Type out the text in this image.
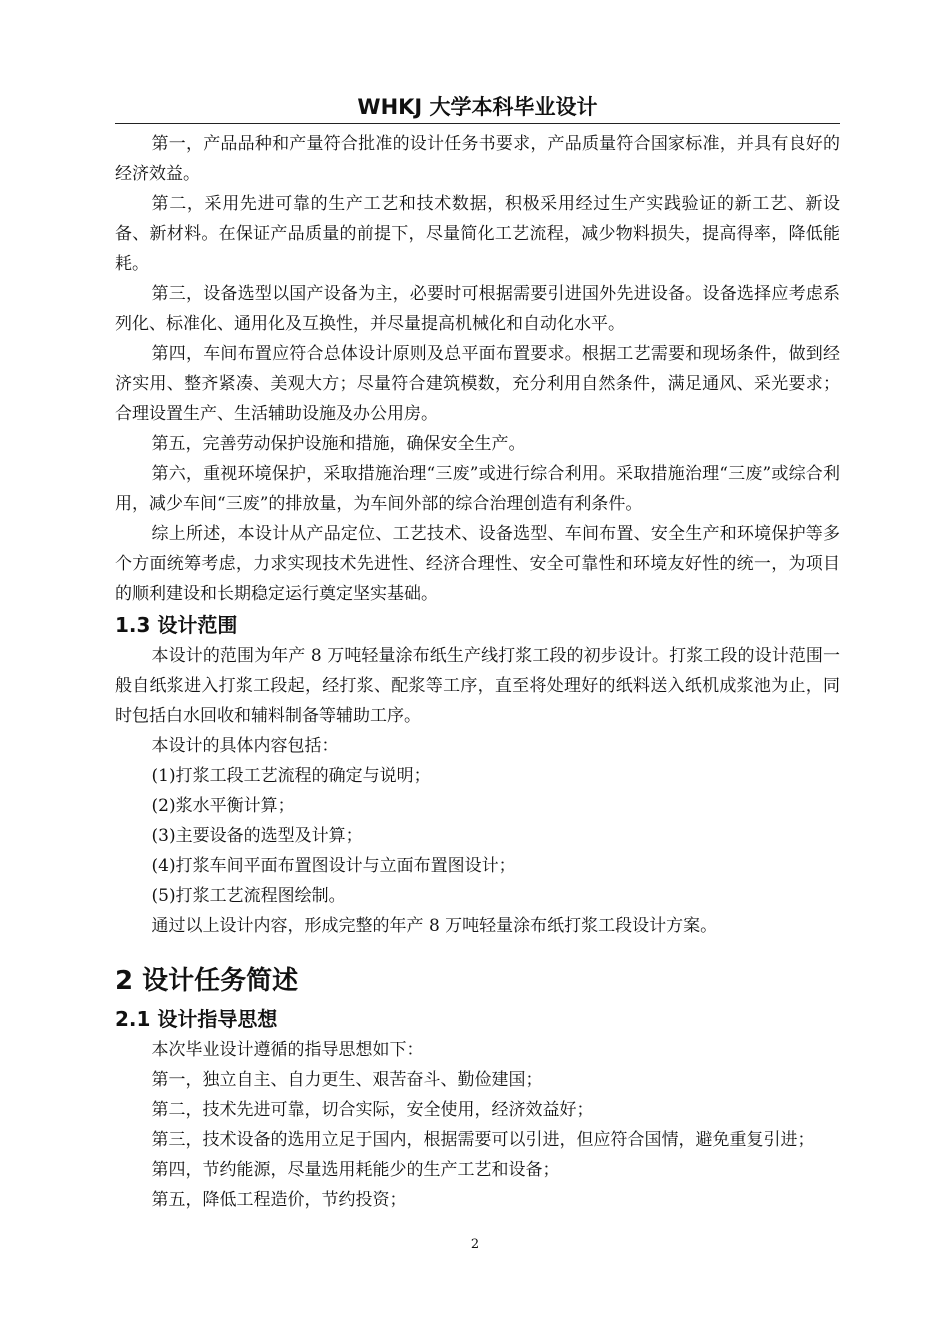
WHKJ 大学本科毕业设计

第一，产品品种和产量符合批准的设计任务书要求，产品质量符合国家标准，并具有良好的经济效益。

第二，采用先进可靠的生产工艺和技术数据，积极采用经过生产实践验证的新工艺、新设备、新材料。在保证产品质量的前提下，尽量简化工艺流程，减少物料损失，提高得率，降低能耗。

第三，设备选型以国产设备为主，必要时可根据需要引进国外先进设备。设备选择应考虑系列化、标准化、通用化及互换性，并尽量提高机械化和自动化水平。

第四，车间布置应符合总体设计原则及总平面布置要求。根据工艺需要和现场条件，做到经济实用、整齐紧凑、美观大方；尽量符合建筑模数，充分利用自然条件，满足通风、采光要求；合理设置生产、生活辅助设施及办公用房。

第五，完善劳动保护设施和措施，确保安全生产。

第六，重视环境保护，采取措施治理“三废”或进行综合利用。采取措施治理“三废”或综合利用，减少车间“三废”的排放量，为车间外部的综合治理创造有利条件。

综上所述，本设计从产品定位、工艺技术、设备选型、车间布置、安全生产和环境保护等多个方面统筹考虑，力求实现技术先进性、经济合理性、安全可靠性和环境友好性的统一，为项目的顺利建设和长期稳定运行奠定坚实基础。

1.3 设计范围

本设计的范围为年产 8 万吨轻量涂布纸生产线打浆工段的初步设计。打浆工段的设计范围一般自纸浆进入打浆工段起，经打浆、配浆等工序，直至将处理好的纸料送入纸机成浆池为止，同时包括白水回收和辅料制备等辅助工序。

本设计的具体内容包括：

(1)打浆工段工艺流程的确定与说明；

(2)浆水平衡计算；

(3)主要设备的选型及计算；

(4)打浆车间平面布置图设计与立面布置图设计；

(5)打浆工艺流程图绘制。

通过以上设计内容，形成完整的年产 8 万吨轻量涂布纸打浆工段设计方案。

2 设计任务简述
2.1 设计指导思想

本次毕业设计遵循的指导思想如下：

第一，独立自主、自力更生、艰苦奋斗、勤俭建国；

第二，技术先进可靠，切合实际，安全使用，经济效益好；

第三，技术设备的选用立足于国内，根据需要可以引进，但应符合国情，避免重复引进；

第四，节约能源，尽量选用耗能少的生产工艺和设备；

第五，降低工程造价，节约投资；

2
